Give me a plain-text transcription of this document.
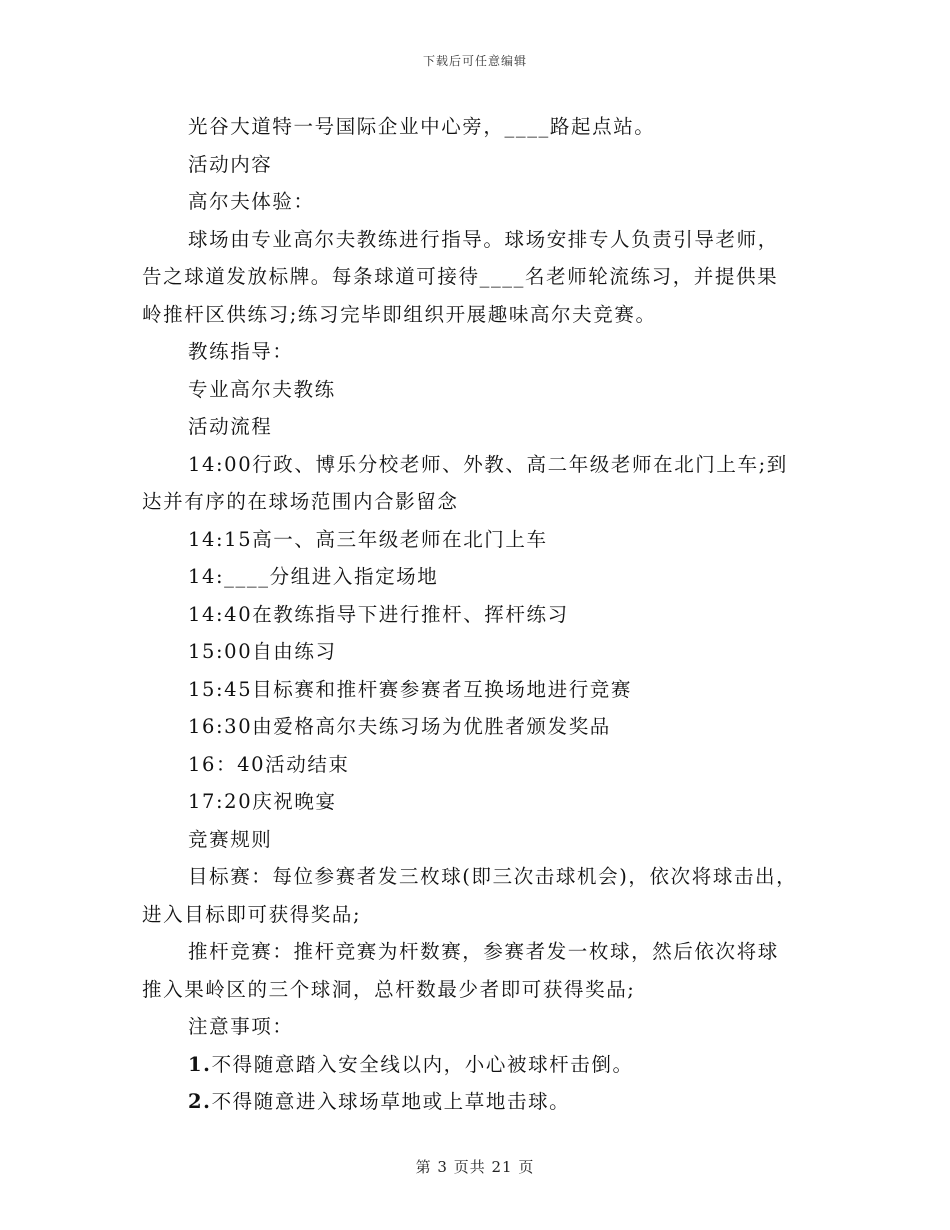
下载后可任意编辑
光谷大道特一号国际企业中心旁，____路起点站。
活动内容
高尔夫体验：
球场由专业高尔夫教练进行指导。球场安排专人负责引导老师，
告之球道发放标牌。每条球道可接待____名老师轮流练习，并提供果
岭推杆区供练习;练习完毕即组织开展趣味高尔夫竞赛。
教练指导：
专业高尔夫教练
活动流程
14:00行政、博乐分校老师、外教、高二年级老师在北门上车;到
达并有序的在球场范围内合影留念
14:15高一、高三年级老师在北门上车
14:____分组进入指定场地
14:40在教练指导下进行推杆、挥杆练习
15:00自由练习
15:45目标赛和推杆赛参赛者互换场地进行竞赛
16:30由爱格高尔夫练习场为优胜者颁发奖品
16：40活动结束
17:20庆祝晚宴
竞赛规则
目标赛：每位参赛者发三枚球(即三次击球机会)，依次将球击出，
进入目标即可获得奖品;
推杆竞赛：推杆竞赛为杆数赛，参赛者发一枚球，然后依次将球
推入果岭区的三个球洞，总杆数最少者即可获得奖品;
注意事项：
1.不得随意踏入安全线以内，小心被球杆击倒。
2.不得随意进入球场草地或上草地击球。
第 3 页共 21 页
